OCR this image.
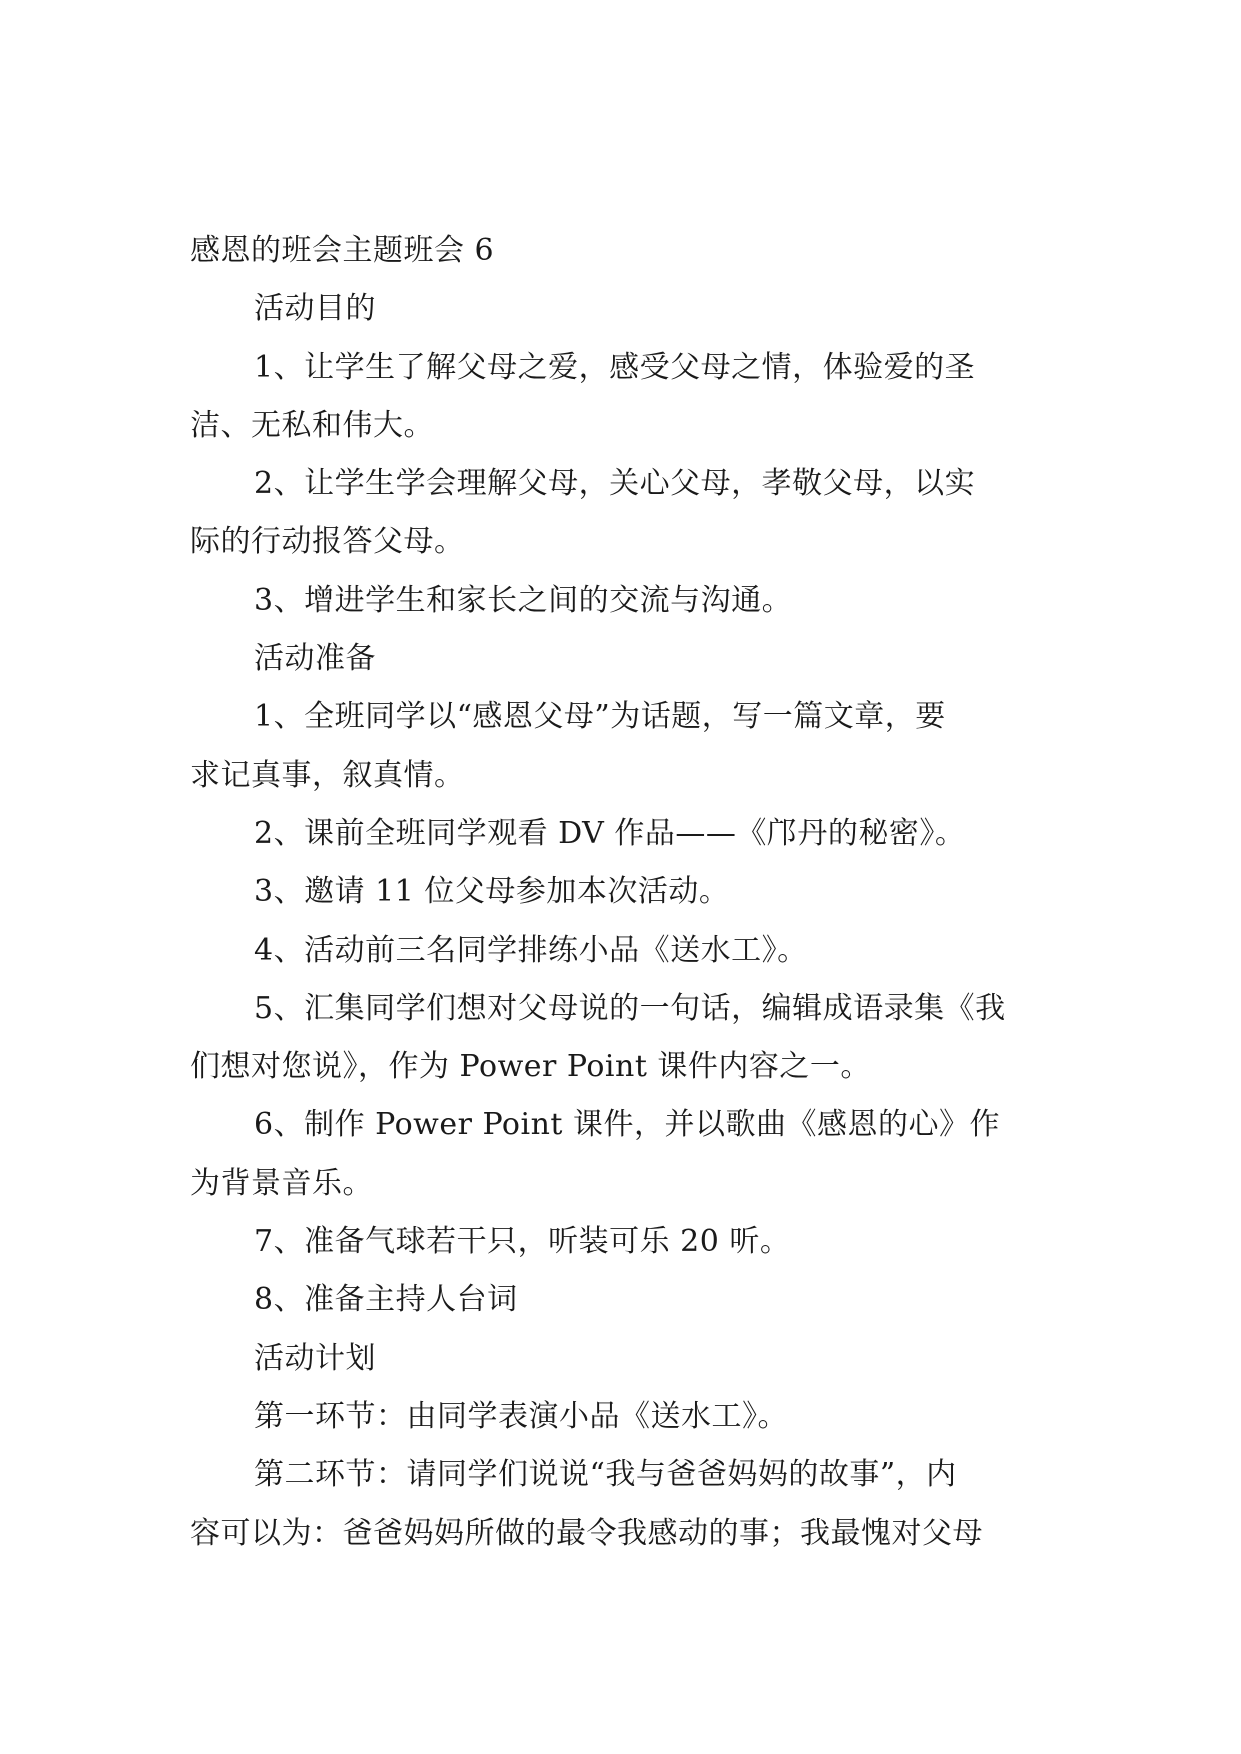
感恩的班会主题班会 6
活动目的
1、让学生了解父母之爱，感受父母之情，体验爱的圣
洁、无私和伟大。
2、让学生学会理解父母，关心父母，孝敬父母，以实
际的行动报答父母。
3、增进学生和家长之间的交流与沟通。
活动准备
1、全班同学以“感恩父母”为话题，写一篇文章，要
求记真事，叙真情。
2、课前全班同学观看 DV 作品——《邝丹的秘密》。
3、邀请 11 位父母参加本次活动。
4、活动前三名同学排练小品《送水工》。
5、汇集同学们想对父母说的一句话，编辑成语录集《我
们想对您说》，作为 Power Point 课件内容之一。
6、制作 Power Point 课件，并以歌曲《感恩的心》作
为背景音乐。
7、准备气球若干只，听装可乐 20 听。
8、准备主持人台词
活动计划
第一环节：由同学表演小品《送水工》。
第二环节：请同学们说说“我与爸爸妈妈的故事”，内
容可以为：爸爸妈妈所做的最令我感动的事；我最愧对父母
